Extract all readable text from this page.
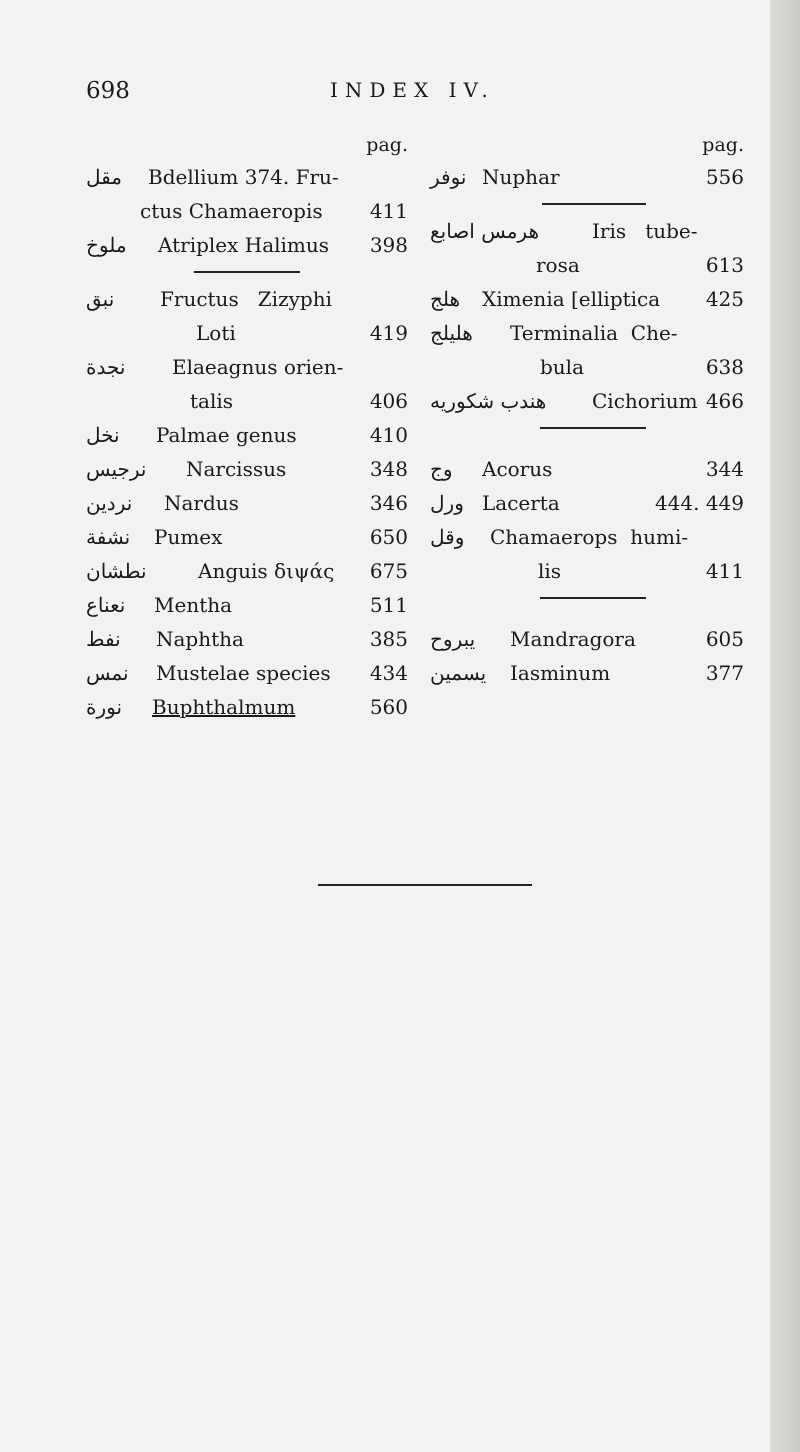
698	INDEX IV.
pag.
مقل Bdellium 374. Fru-
ctus Chamaeropis 411
ملوخ Atriplex Halimus 398
نبق Fructus   Zizyphi
Loti	419
نجدة Elaeagnus orien-
talis	406
نخل Palmae genus	410
نرجيس Narcissus	348
نردين Nardus	346
نشفة Pumex	650
نطشان	Anguis διψάς 675
نعناع Mentha	511
نفط Naphtha	385
نمس Mustelae species 434
نورة Buphthalmum	560
pag.
نوفر Nuphar	556
هرمس اصابع	Iris   tube-
rosa	613
هلج Ximenia [elliptica 425
هليلج Terminalia  Che-
bula	638
هندب شكوريه Cichorium 466
وج Acorus	344
ورل Lacerta	444. 449
وقل Chamaerops  humi-
lis	411
يبروح Mandragora	605
يسمين Iasminum	377
